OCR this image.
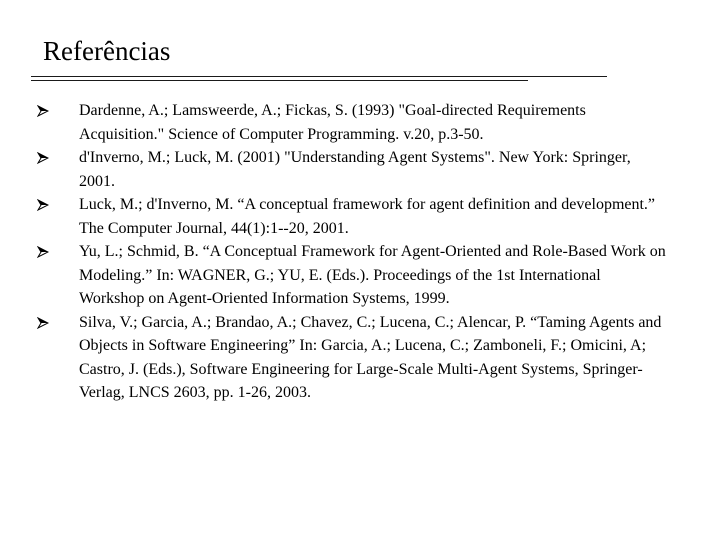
Referências
Dardenne, A.; Lamsweerde, A.; Fickas, S. (1993) "Goal-directed Requirements Acquisition." Science of Computer Programming. v.20, p.3-50.
d'Inverno, M.; Luck, M. (2001) "Understanding Agent Systems". New York: Springer, 2001.
Luck, M.; d'Inverno, M. “A conceptual framework for agent definition and development.” The Computer Journal, 44(1):1--20, 2001.
Yu, L.; Schmid, B. “A Conceptual Framework for Agent-Oriented and Role-Based Work on Modeling.” In: WAGNER, G.; YU, E. (Eds.). Proceedings of the 1st International Workshop on Agent-Oriented Information Systems, 1999.
Silva, V.; Garcia, A.; Brandao, A.; Chavez, C.; Lucena, C.; Alencar, P. “Taming Agents and Objects in Software Engineering” In: Garcia, A.; Lucena, C.; Zamboneli, F.; Omicini, A; Castro, J. (Eds.), Software Engineering for Large-Scale Multi-Agent Systems, Springer-Verlag, LNCS 2603, pp. 1-26, 2003.
